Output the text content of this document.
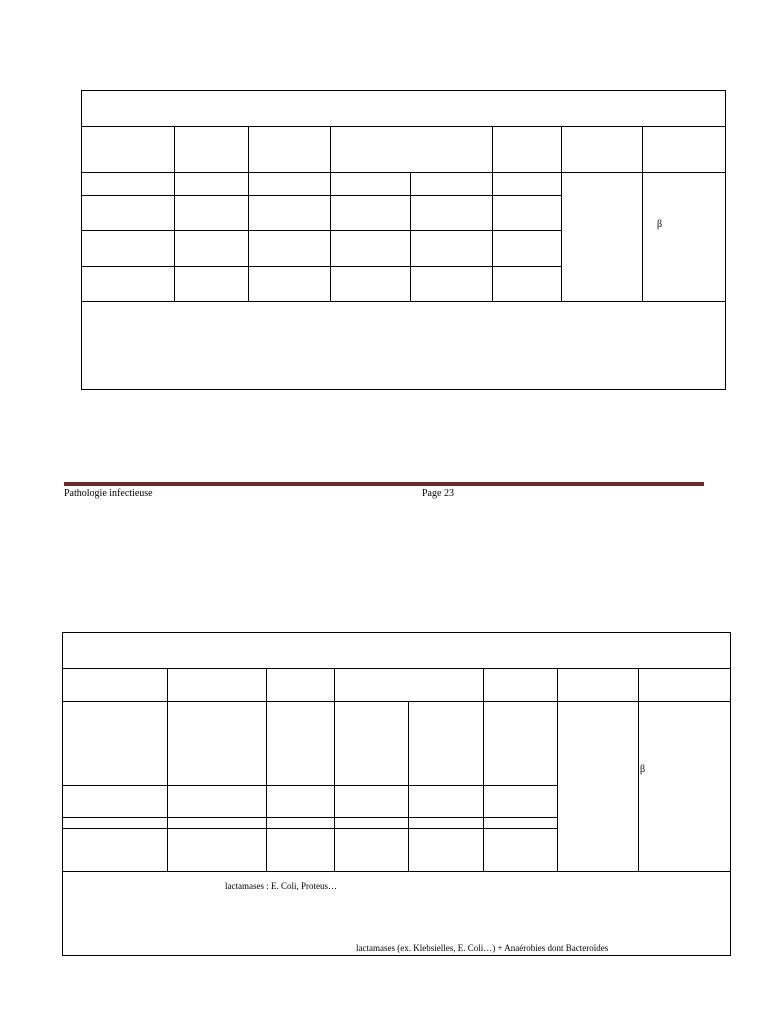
							β

Pathologie infectieuse	Page 23

							β

lactamases : E. Coli, Proteus…
lactamases (ex. Klebsielles, E. Coli…) + Anaérobies dont Bacteroïdes							
